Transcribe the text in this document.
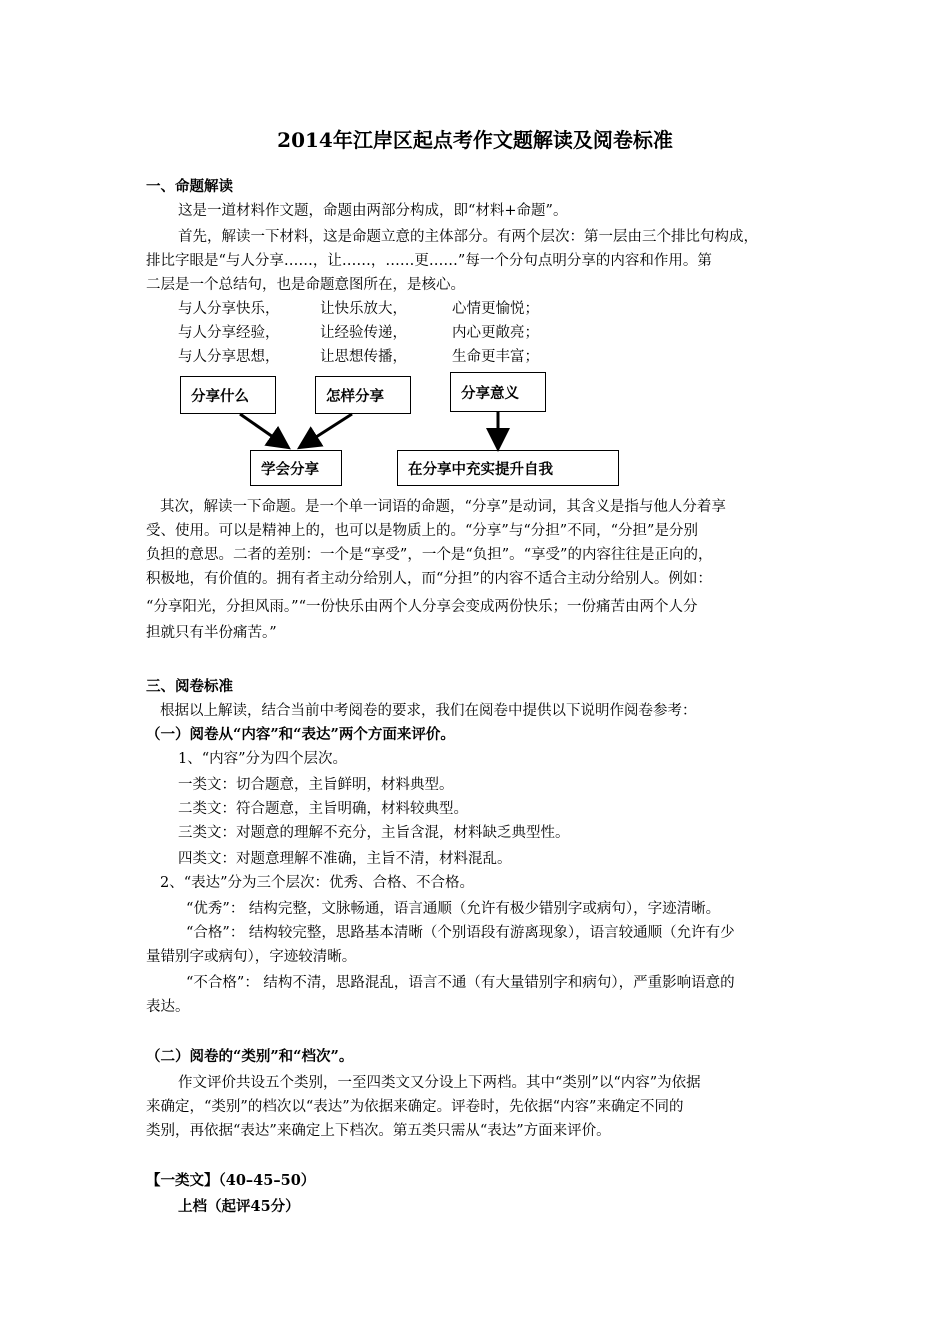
2014年江岸区起点考作文题解读及阅卷标准
一、命题解读
这是一道材料作文题，命题由两部分构成，即“材料+命题”。
首先，解读一下材料，这是命题立意的主体部分。有两个层次：第一层由三个排比句构成，
排比字眼是“与人分享……，让……，……更……”每一个分句点明分享的内容和作用。第
二层是一个总结句，也是命题意图所在，是核心。
与人分享快乐，	让快乐放大，	心情更愉悦；
与人分享经验，	让经验传递，	内心更敞亮；
与人分享思想，	让思想传播，	生命更丰富；
分享什么	怎样分享	分享意义
学会分享	在分享中充实提升自我
其次，解读一下命题。是一个单一词语的命题，“分享”是动词，其含义是指与他人分着享
受、使用。可以是精神上的，也可以是物质上的。“分享”与“分担”不同，“分担”是分别
负担的意思。二者的差别：一个是“享受”，一个是“负担”。“享受”的内容往往是正向的，
积极地，有价值的。拥有者主动分给别人，而“分担”的内容不适合主动分给别人。例如：
“分享阳光，分担风雨。”“一份快乐由两个人分享会变成两份快乐；一份痛苦由两个人分
担就只有半份痛苦。”
三、阅卷标准
根据以上解读，结合当前中考阅卷的要求，我们在阅卷中提供以下说明作阅卷参考：
（一）阅卷从“内容”和“表达”两个方面来评价。
1、“内容”分为四个层次。
一类文：切合题意，主旨鲜明，材料典型。
二类文：符合题意，主旨明确，材料较典型。
三类文：对题意的理解不充分，主旨含混，材料缺乏典型性。
四类文：对题意理解不准确，主旨不清，材料混乱。
2、“表达”分为三个层次：优秀、合格、不合格。
“优秀”： 结构完整，文脉畅通，语言通顺（允许有极少错别字或病句），字迹清晰。
“合格”： 结构较完整，思路基本清晰（个别语段有游离现象），语言较通顺（允许有少
量错别字或病句），字迹较清晰。
“不合格”： 结构不清，思路混乱，语言不通（有大量错别字和病句），严重影响语意的
表达。
（二）阅卷的“类别”和“档次”。
作文评价共设五个类别，一至四类文又分设上下两档。其中“类别”以“内容”为依据
来确定，“类别”的档次以“表达”为依据来确定。评卷时，先依据“内容”来确定不同的
类别，再依据“表达”来确定上下档次。第五类只需从“表达”方面来评价。
【一类文】（40–45–50）
上档（起评45分）
